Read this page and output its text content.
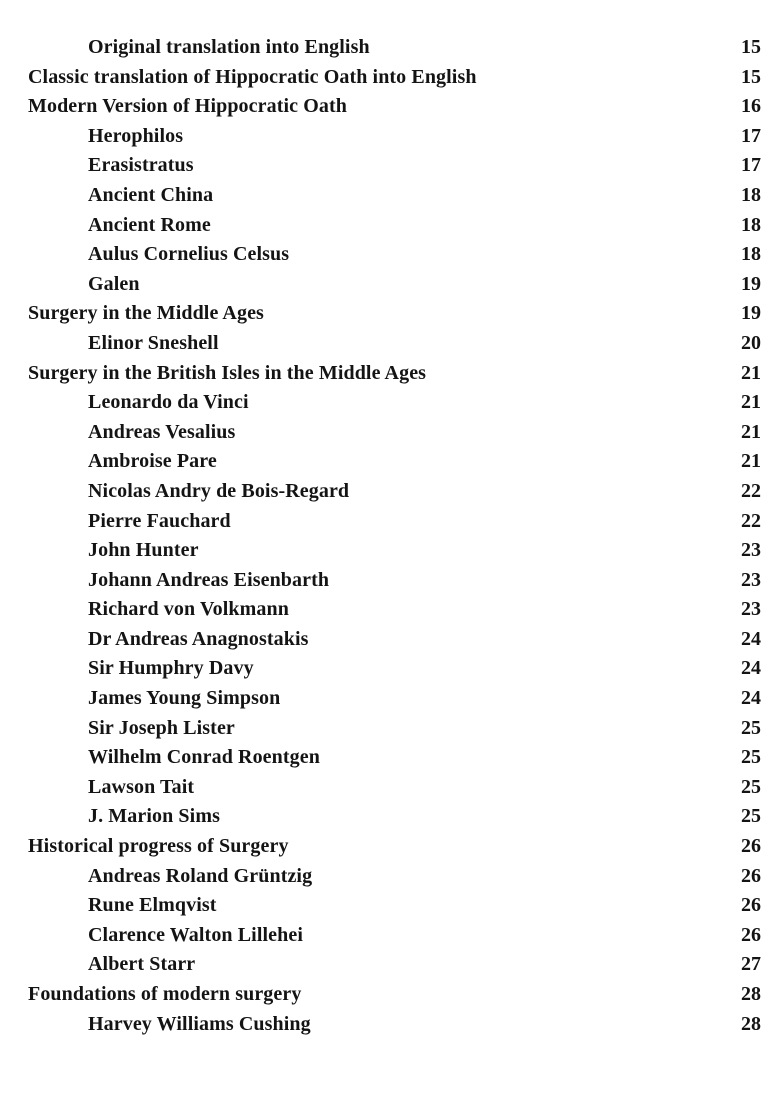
Original translation into English	15
Classic translation of Hippocratic Oath into English	15
Modern Version of Hippocratic Oath	16
Herophilos	17
Erasistratus	17
Ancient China	18
Ancient Rome	18
Aulus Cornelius Celsus	18
Galen	19
Surgery in the Middle Ages	19
Elinor Sneshell	20
Surgery in the British Isles in the Middle Ages	21
Leonardo da Vinci	21
Andreas Vesalius	21
Ambroise Pare	21
Nicolas Andry de Bois-Regard	22
Pierre Fauchard	22
John Hunter	23
Johann Andreas Eisenbarth	23
Richard von Volkmann	23
Dr Andreas Anagnostakis	24
Sir Humphry Davy	24
James Young Simpson	24
Sir Joseph Lister	25
Wilhelm Conrad Roentgen	25
Lawson Tait	25
J. Marion Sims	25
Historical progress of Surgery	26
Andreas Roland Grüntzig	26
Rune Elmqvist	26
Clarence Walton Lillehei	26
Albert Starr	27
Foundations of modern surgery	28
Harvey Williams Cushing	28
